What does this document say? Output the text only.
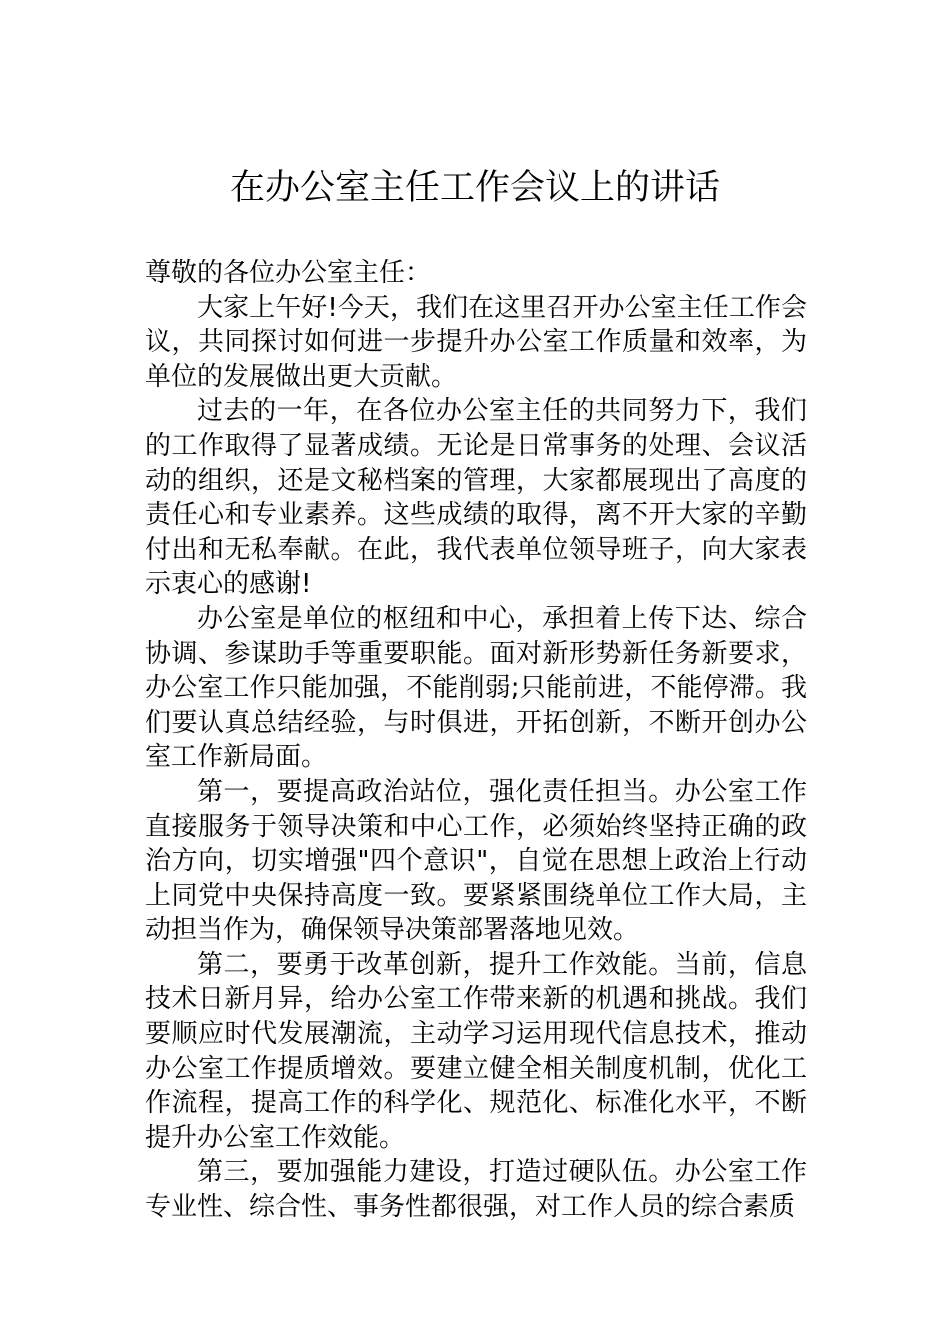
在办公室主任工作会议上的讲话

尊敬的各位办公室主任：

大家上午好!今天，我们在这里召开办公室主任工作会议，共同探讨如何进一步提升办公室工作质量和效率，为单位的发展做出更大贡献。

过去的一年，在各位办公室主任的共同努力下，我们的工作取得了显著成绩。无论是日常事务的处理、会议活动的组织，还是文秘档案的管理，大家都展现出了高度的责任心和专业素养。这些成绩的取得，离不开大家的辛勤付出和无私奉献。在此，我代表单位领导班子，向大家表示衷心的感谢!

办公室是单位的枢纽和中心，承担着上传下达、综合协调、参谋助手等重要职能。面对新形势新任务新要求，办公室工作只能加强，不能削弱;只能前进，不能停滞。我们要认真总结经验，与时俱进，开拓创新，不断开创办公室工作新局面。

第一，要提高政治站位，强化责任担当。办公室工作直接服务于领导决策和中心工作，必须始终坚持正确的政治方向，切实增强"四个意识"，自觉在思想上政治上行动上同党中央保持高度一致。要紧紧围绕单位工作大局，主动担当作为，确保领导决策部署落地见效。

第二，要勇于改革创新，提升工作效能。当前，信息技术日新月异，给办公室工作带来新的机遇和挑战。我们要顺应时代发展潮流，主动学习运用现代信息技术，推动办公室工作提质增效。要建立健全相关制度机制，优化工作流程，提高工作的科学化、规范化、标准化水平，不断提升办公室工作效能。

第三，要加强能力建设，打造过硬队伍。办公室工作专业性、综合性、事务性都很强，对工作人员的综合素质
